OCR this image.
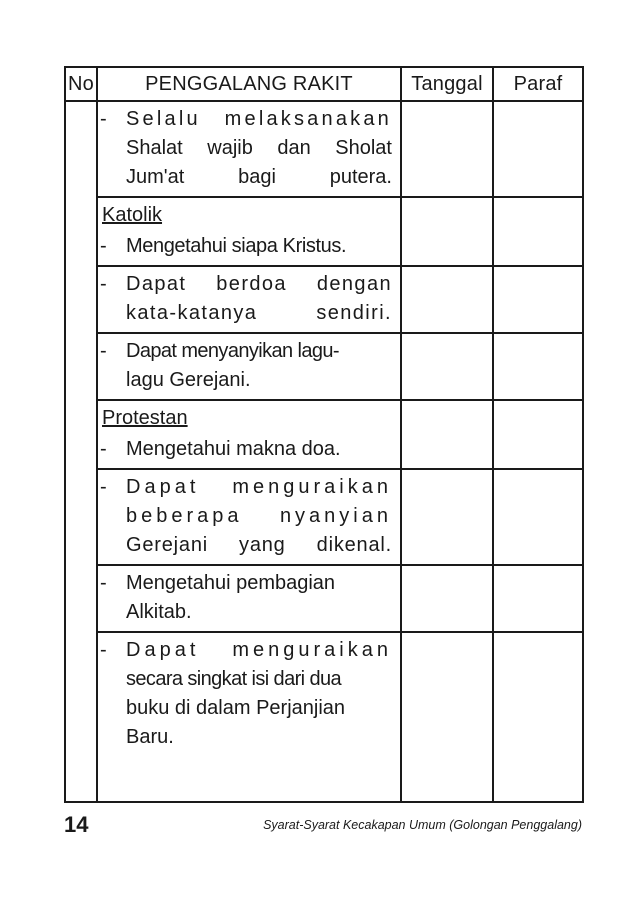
No	PENGGALANG RAKIT	Tanggal	Paraf

	- Selalu melaksanakan
Shalat wajib dan Sholat
Jum'at bagi putera.		

	Katolik
- Mengetahui siapa Kristus.		

	- Dapat berdoa dengan
kata-katanya sendiri.		

	- Dapat menyanyikan lagu-
lagu Gerejani.		

	Protestan
- Mengetahui makna doa.		

	- Dapat menguraikan
beberapa nyanyian
Gerejani yang dikenal.		

	- Mengetahui pembagian
Alkitab.		

	- Dapat menguraikan
secara singkat isi dari dua
buku di dalam Perjanjian
Baru.		

14	Syarat-Syarat Kecakapan Umum (Golongan Penggalang)
